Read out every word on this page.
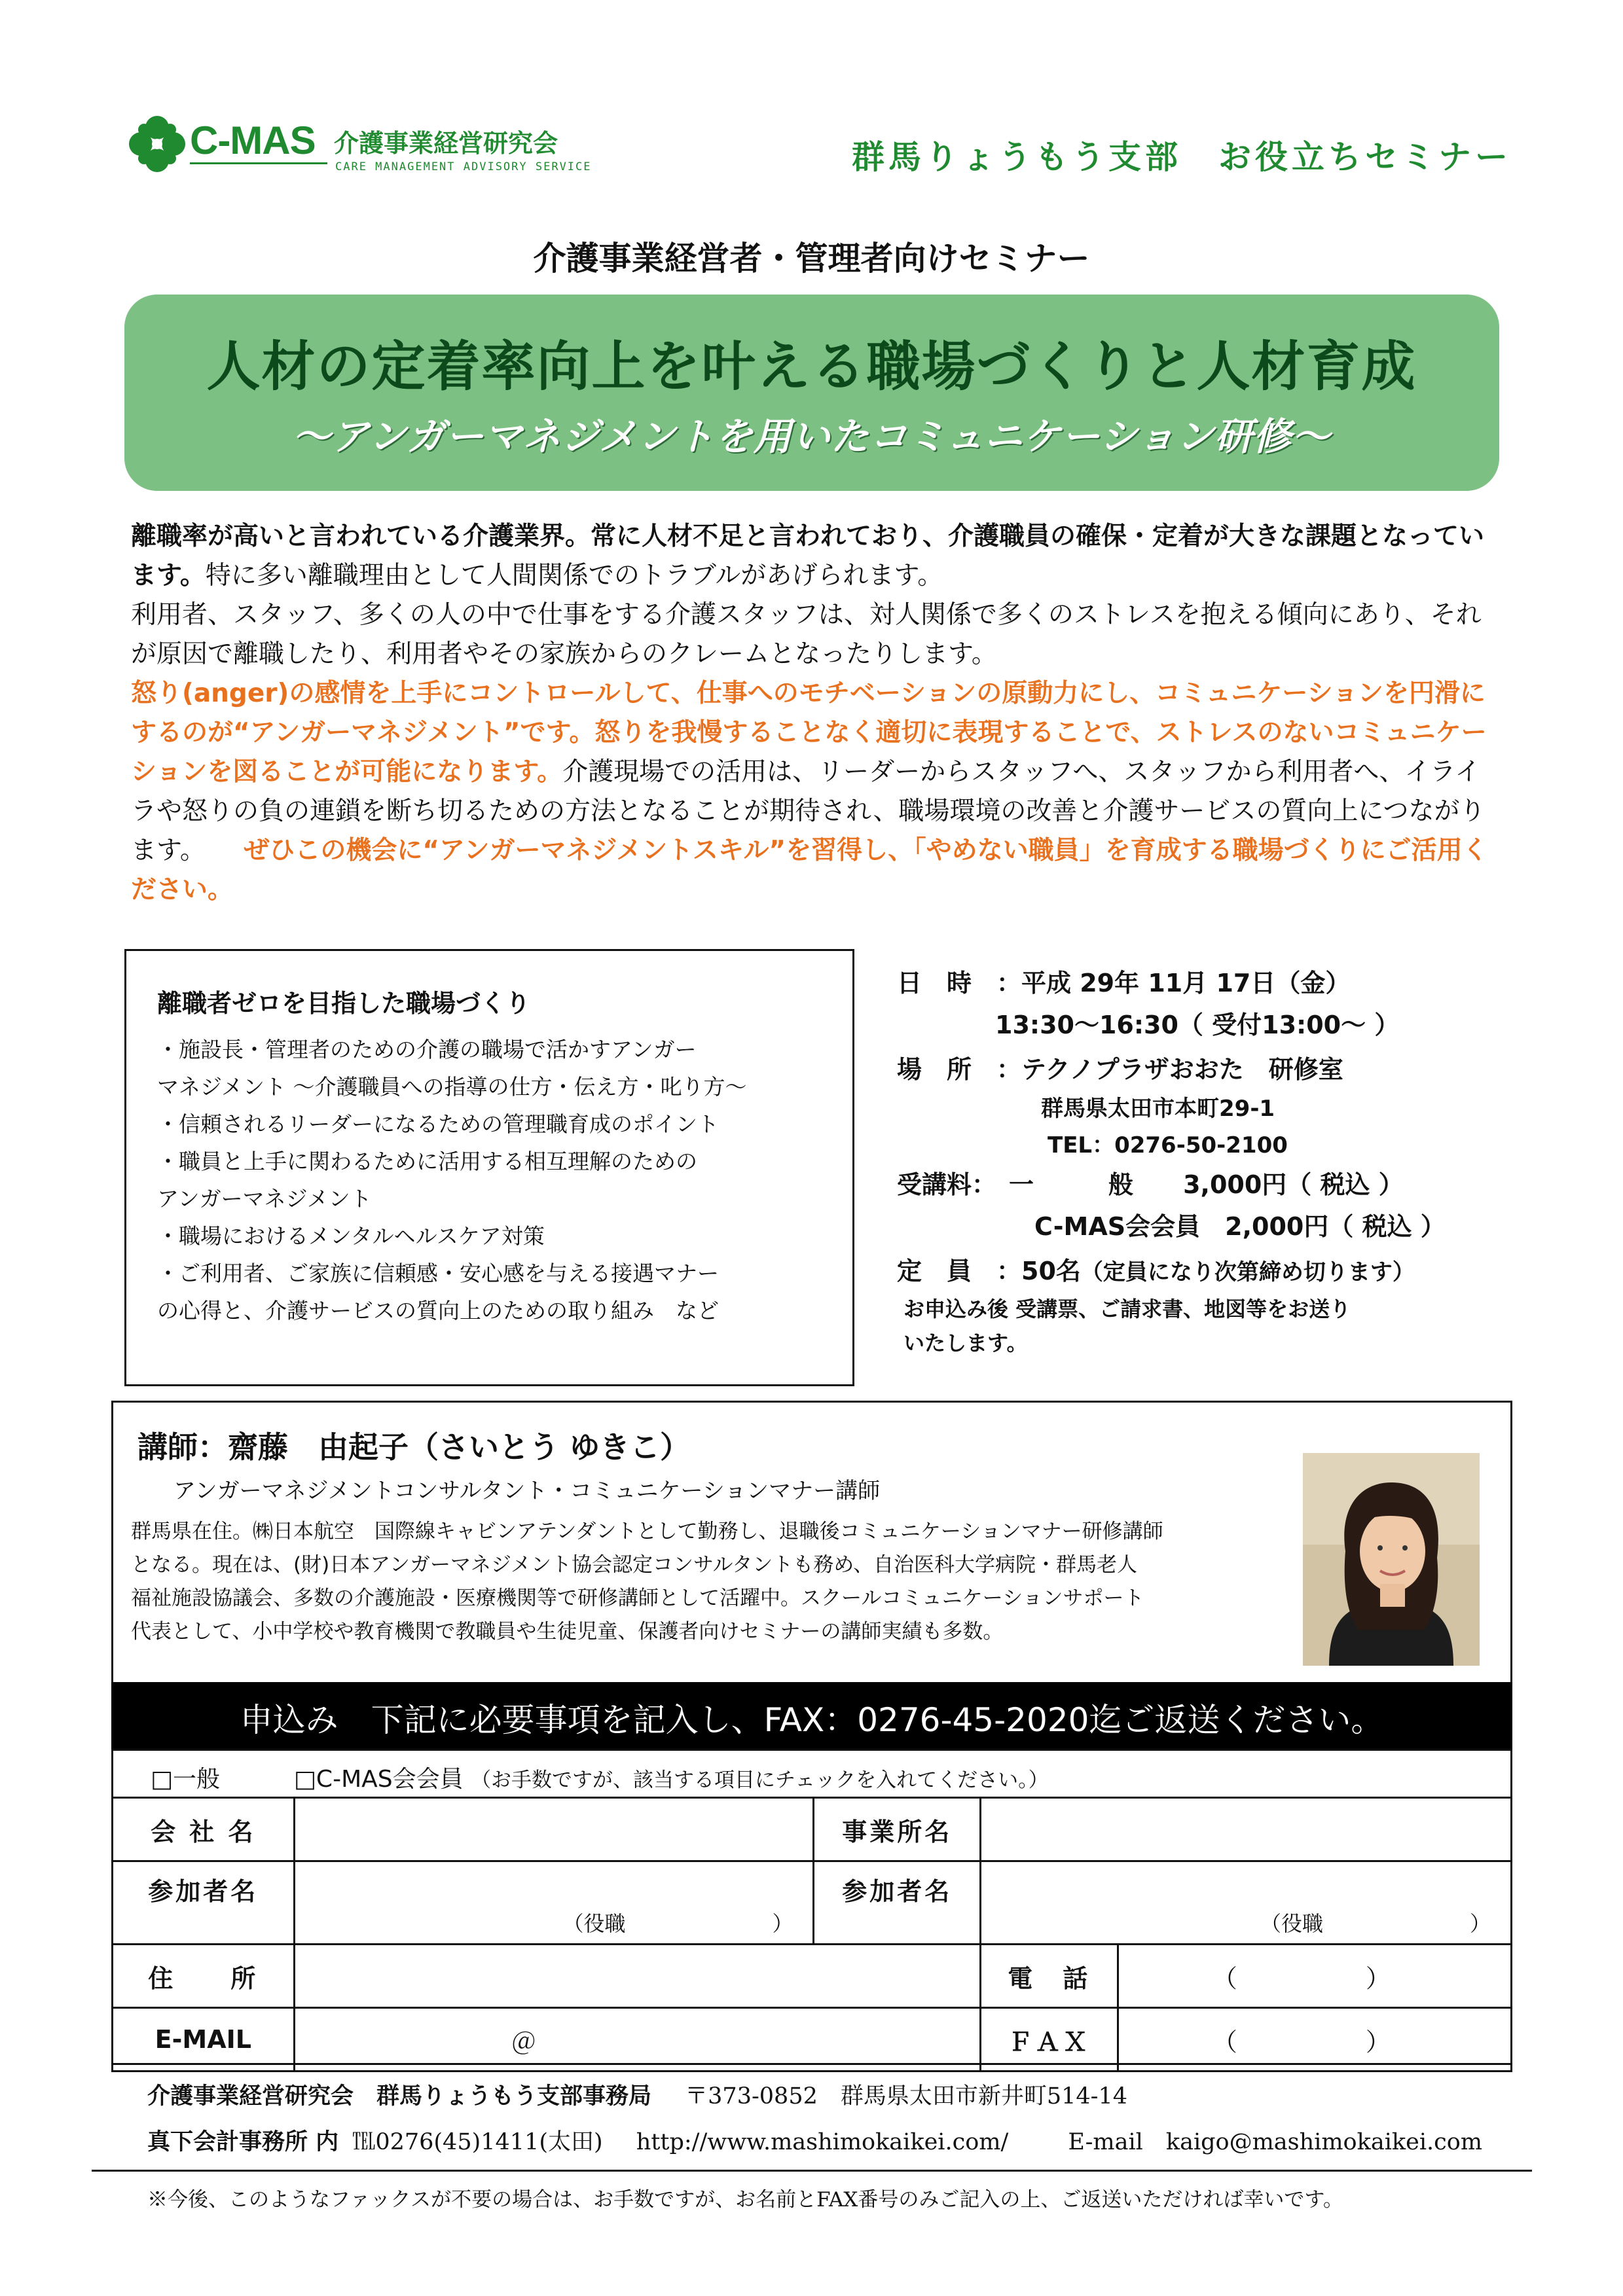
C-MAS 介護事業経営研究会
CARE MANAGEMENT ADVISORY SERVICE	群馬りょうもう支部　お役立ちセミナー
介護事業経営者・管理者向けセミナー
人材の定着率向上を叶える職場づくりと人材育成
～アンガーマネジメントを用いたコミュニケーション研修～

離職率が高いと言われている介護業界。常に人材不足と言われており、介護職員の確保・定着が大きな課題となっています。特に多い離職理由として人間関係でのトラブルがあげられます。

利用者、スタッフ、多くの人の中で仕事をする介護スタッフは、対人関係で多くのストレスを抱える傾向にあり、それが原因で離職したり、利用者やその家族からのクレームとなったりします。

怒り(anger)の感情を上手にコントロールして、仕事へのモチベーションの原動力にし、コミュニケーションを円滑にするのが“アンガーマネジメント”です。怒りを我慢することなく適切に表現することで、ストレスのないコミュニケーションを図ることが可能になります。介護現場での活用は、リーダーからスタッフへ、スタッフから利用者へ、イライラや怒りの負の連鎖を断ち切るための方法となることが期待され、職場環境の改善と介護サービスの質向上につながります。　　 ぜひこの機会に“アンガーマネジメントスキル”を習得し、「やめない職員」を育成する職場づくりにご活用ください。

離職者ゼロを目指した職場づくり
・施設長・管理者のための介護の職場で活かすアンガー
マネジメント ～介護職員への指導の仕方・伝え方・叱り方～
・信頼されるリーダーになるための管理職育成のポイント
・職員と上手に関わるために活用する相互理解のための
アンガーマネジメント
・職場におけるメンタルヘルスケア対策
・ご利用者、ご家族に信頼感・安心感を与える接遇マナー
の心得と、介護サービスの質向上のための取り組み　など
日　時　：平成 29年 11月 17日（金）
13:30～16:30（ 受付13:00～ ）
場　所　：テクノプラザおおた　研修室
群馬県太田市本町29-1
TEL：0276-50-2100
受講料：　 一　　　般　　 3,000円（ 税込 ）
C-MAS会会員　 2,000円（ 税込 ）
定　員　：50名（定員になり次第締め切ります）
お申込み後 受講票、ご請求書、地図等をお送り
いたします。
講師：齋藤　由起子（さいとう ゆきこ）
アンガーマネジメントコンサルタント・コミュニケーションマナー講師
群馬県在住。㈱日本航空　国際線キャビンアテンダントとして勤務し、退職後コミュニケーションマナー研修講師
となる。現在は、(財)日本アンガーマネジメント協会認定コンサルタントも務め、自治医科大学病院・群馬老人
福祉施設協議会、多数の介護施設・医療機関等で研修講師として活躍中。スクールコミュニケーションサポート
代表として、小中学校や教育機関で教職員や生徒児童、保護者向けセミナーの講師実績も多数。
申込み　下記に必要事項を記入し、FAX：0276-45-2020迄ご返送ください。
□一般	□C-MAS会会員 （お手数ですが、該当する項目にチェックを入れてください。）
会 社 名		事業所名		
参加者名	（役職　　　　　　　）	参加者名	（役職　　　　　　　）	

住　　所			電　話	（　　）
E-MAIL	＠		ＦＡＸ	（　　）
介護事業経営研究会　群馬りょうもう支部事務局 〒373-0852　群馬県太田市新井町514-14
真下会計事務所 内 ℡0276(45)1411(太田) http://www.mashimokaikei.com/	E-mail　kaigo@mashimokaikei.com
※今後、このようなファックスが不要の場合は、お手数ですが、お名前とFAX番号のみご記入の上、ご返送いただければ幸いです。
